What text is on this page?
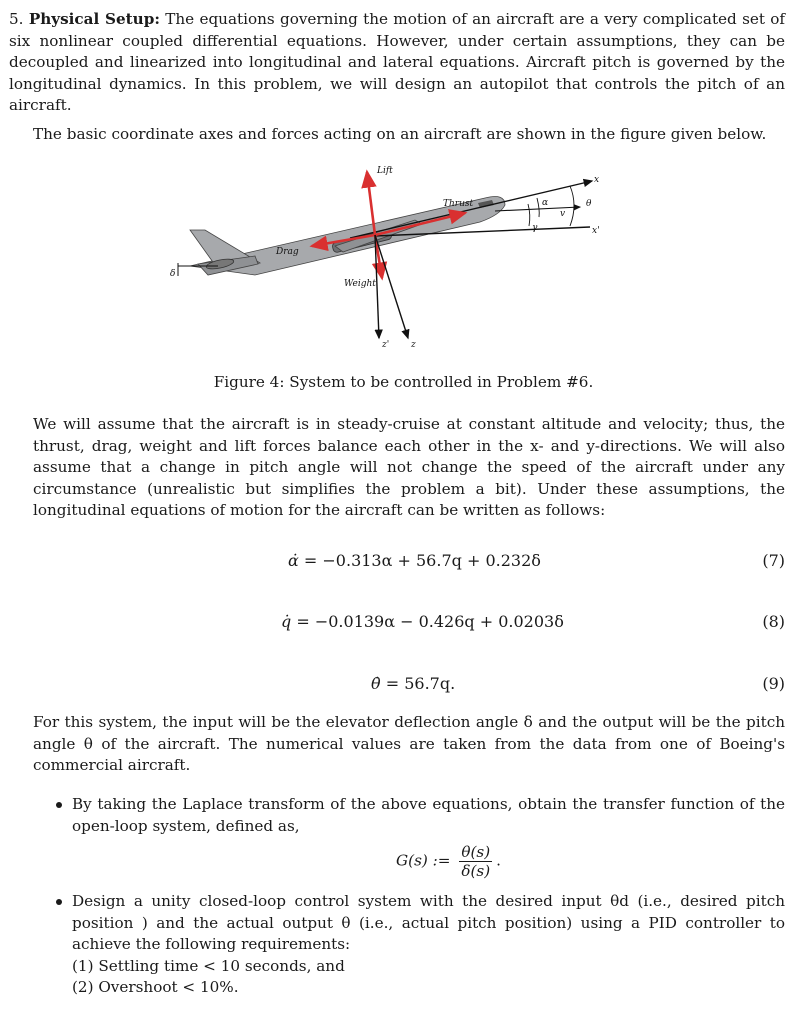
5. Physical Setup: The equations governing the motion of an aircraft are a very complicated set of six nonlinear coupled differential equations. However, under certain assumptions, they can be decoupled and linearized into longitudinal and lateral equations. Aircraft pitch is governed by the longitudinal dynamics. In this problem, we will design an autopilot that controls the pitch of an aircraft.
The basic coordinate axes and forces acting on an aircraft are shown in the figure given below.
Lift
Thrust
Drag
Weight
x
x'
z
z'
α	θ
γ
v
δ
Figure 4: System to be controlled in Problem #6.
We will assume that the aircraft is in steady-cruise at constant altitude and velocity; thus, the thrust, drag, weight and lift forces balance each other in the x- and y-directions. We will also assume that a change in pitch angle will not change the speed of the aircraft under any circumstance (unrealistic but simplifies the problem a bit). Under these assumptions, the longitudinal equations of motion for the aircraft can be written as follows:
α̇ = −0.313α + 56.7q + 0.232δ	(7)
q̇ = −0.0139α − 0.426q + 0.0203δ	(8)
θ̇ = 56.7q.	(9)
For this system, the input will be the elevator deflection angle δ and the output will be the pitch angle θ of the aircraft. The numerical values are taken from the data from one of Boeing's commercial aircraft.
By taking the Laplace transform of the above equations, obtain the transfer function of the open-loop system, defined as,
G(s) := $\frac{\theta(s)}{\delta(s)}$ .
Design a unity closed-loop control system with the desired input θd (i.e., desired pitch position ) and the actual output θ (i.e., actual pitch position) using a PID controller to achieve the following requirements:
(1) Settling time < 10 seconds, and
(2) Overshoot < 10%.
